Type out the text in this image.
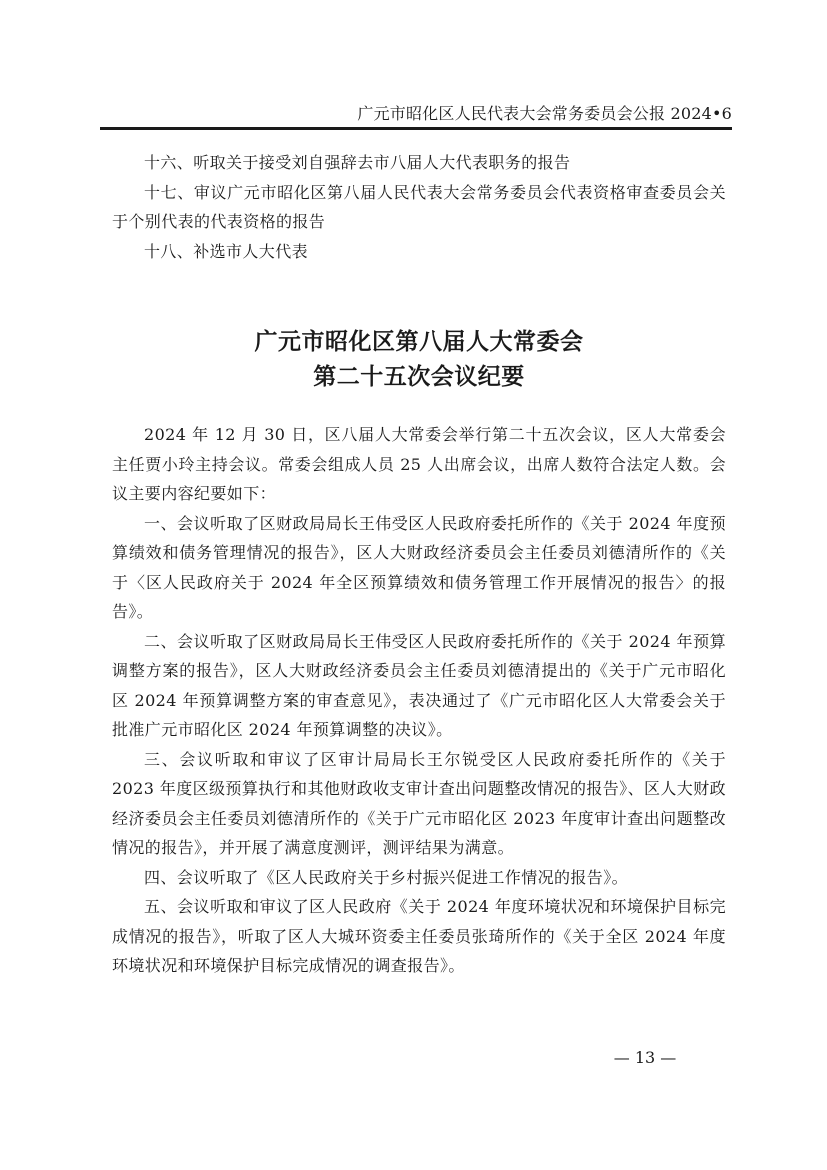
广元市昭化区人民代表大会常务委员会公报 2024•6

十六、听取关于接受刘自强辞去市八届人大代表职务的报告

十七、审议广元市昭化区第八届人民代表大会常务委员会代表资格审查委员会关于个别代表的代表资格的报告

十八、补选市人大代表

广元市昭化区第八届人大常委会
第二十五次会议纪要

2024 年 12 月 30 日，区八届人大常委会举行第二十五次会议，区人大常委会主任贾小玲主持会议。常委会组成人员 25 人出席会议，出席人数符合法定人数。会议主要内容纪要如下：

一、会议听取了区财政局局长王伟受区人民政府委托所作的《关于 2024 年度预算绩效和债务管理情况的报告》，区人大财政经济委员会主任委员刘德清所作的《关于〈区人民政府关于 2024 年全区预算绩效和债务管理工作开展情况的报告〉的报告》。

二、会议听取了区财政局局长王伟受区人民政府委托所作的《关于 2024 年预算调整方案的报告》，区人大财政经济委员会主任委员刘德清提出的《关于广元市昭化区 2024 年预算调整方案的审查意见》，表决通过了《广元市昭化区人大常委会关于批准广元市昭化区 2024 年预算调整的决议》。

三、会议听取和审议了区审计局局长王尔锐受区人民政府委托所作的《关于 2023 年度区级预算执行和其他财政收支审计查出问题整改情况的报告》、区人大财政经济委员会主任委员刘德清所作的《关于广元市昭化区 2023 年度审计查出问题整改情况的报告》，并开展了满意度测评，测评结果为满意。

四、会议听取了《区人民政府关于乡村振兴促进工作情况的报告》。

五、会议听取和审议了区人民政府《关于 2024 年度环境状况和环境保护目标完成情况的报告》，听取了区人大城环资委主任委员张琦所作的《关于全区 2024 年度环境状况和环境保护目标完成情况的调查报告》。

— 13 —
